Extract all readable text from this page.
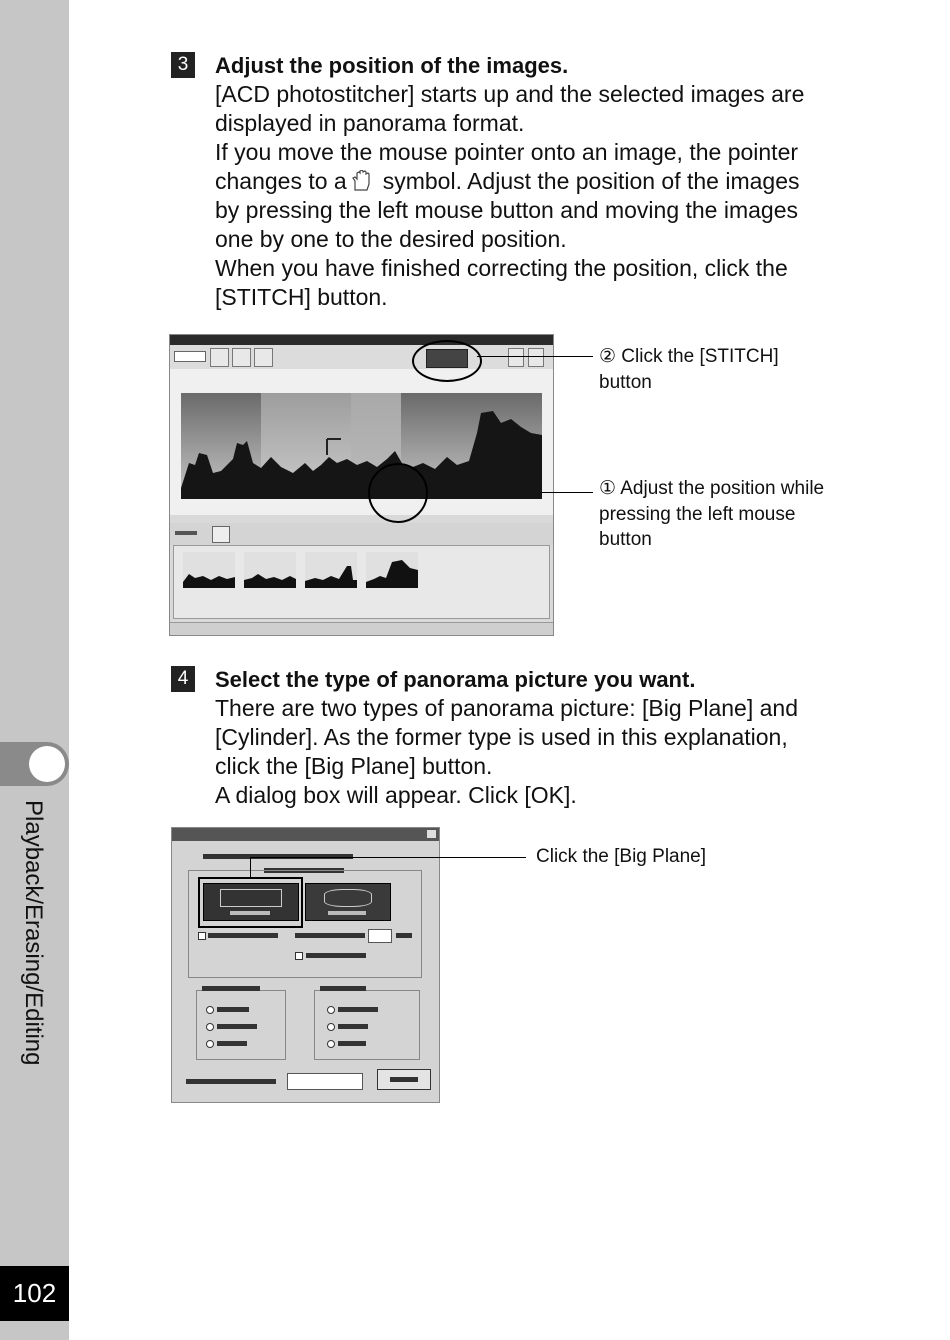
Playback/Erasing/Editing
102
3	Adjust the position of the images.

[ACD photostitcher] starts up and the selected images are displayed in panorama format.

If you move the mouse pointer onto an image, the pointer changes to a symbol. Adjust the position of the images by pressing the left mouse button and moving the images one by one to the desired position.

When you have finished correcting the position, click the [STITCH] button.

② Click the [STITCH] button
① Adjust the position while pressing the left mouse button
4	Select the type of panorama picture you want.

There are two types of panorama picture: [Big Plane] and [Cylinder]. As the former type is used in this explanation, click the [Big Plane] button.

A dialog box will appear. Click [OK].

Click the [Big Plane]
